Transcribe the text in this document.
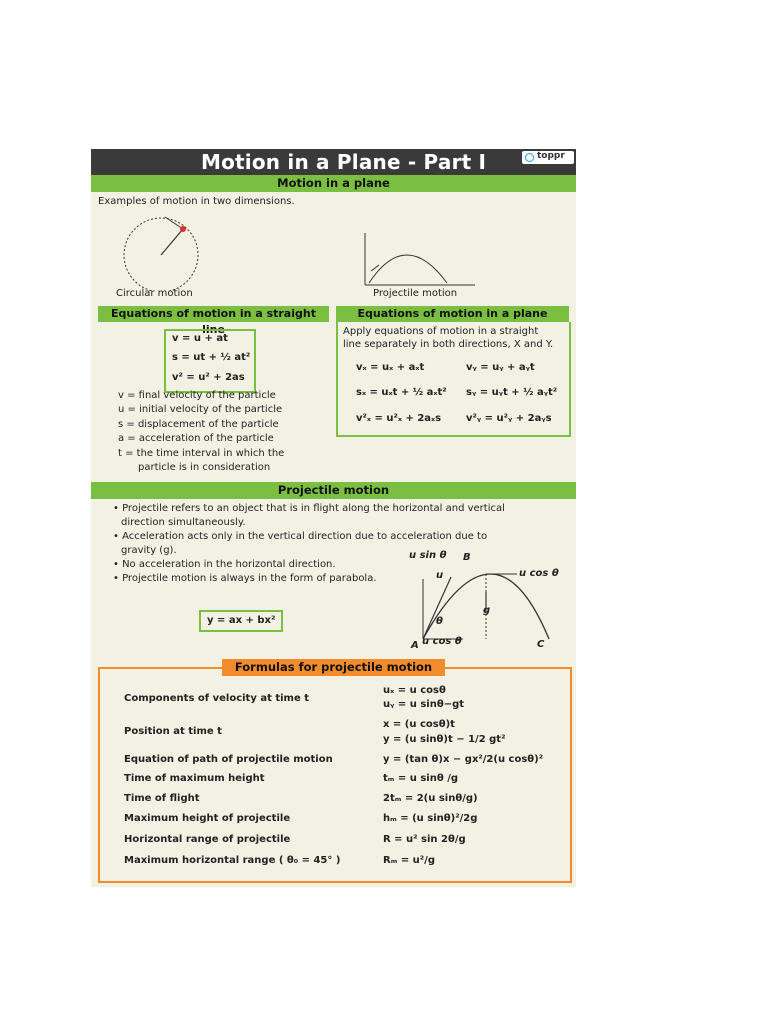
Motion in a Plane - Part I	toppr
Motion in a plane
Examples of motion in two dimensions.
Circular motion	Projectile motion
Equations of motion in a straight line
Equations of motion in a plane
v = u + at
s = ut + ½ at²
v² = u² + 2as
v = final velocity of the particle
u = initial velocity of the particle
s = displacement of the particle
a = acceleration of the particle
t = the time interval in which the
particle is in consideration
Apply equations of motion in a straight
line separately in both directions, X and Y.
vₓ = uₓ + aₓt	vᵧ = uᵧ + aᵧt
sₓ = uₓt + ½ aₓt² sᵧ = uᵧt + ½ aᵧt²
v²ₓ = u²ₓ + 2aₓs v²ᵧ = u²ᵧ + 2aᵧs
Projectile motion
• Projectile refers to an object that is in flight along the horizontal and vertical
direction simultaneously.
• Acceleration acts only in the vertical direction due to acceleration due to
gravity (g).
• No acceleration in the horizontal direction.
• Projectile motion is always in the form of parabola.
y = ax + bx²
u sin θ B
u cos θ
u
g
θ
A u cos θ	C
Formulas for projectile motion
Components of velocity at time t
uₓ = u cosθ
uᵧ = u sinθ−gt
Position at time t
x = (u cosθ)t
y = (u sinθ)t − 1/2 gt²
Equation of path of projectile motion	y = (tan θ)x − gx²/2(u cosθ)²
Time of maximum height	tₘ = u sinθ /g
Time of flight	2tₘ = 2(u sinθ/g)
Maximum height of projectile	hₘ = (u sinθ)²/2g
Horizontal range of projectile	R = u² sin 2θ/g
Maximum horizontal range ( θ₀ = 45° )	Rₘ = u²/g
